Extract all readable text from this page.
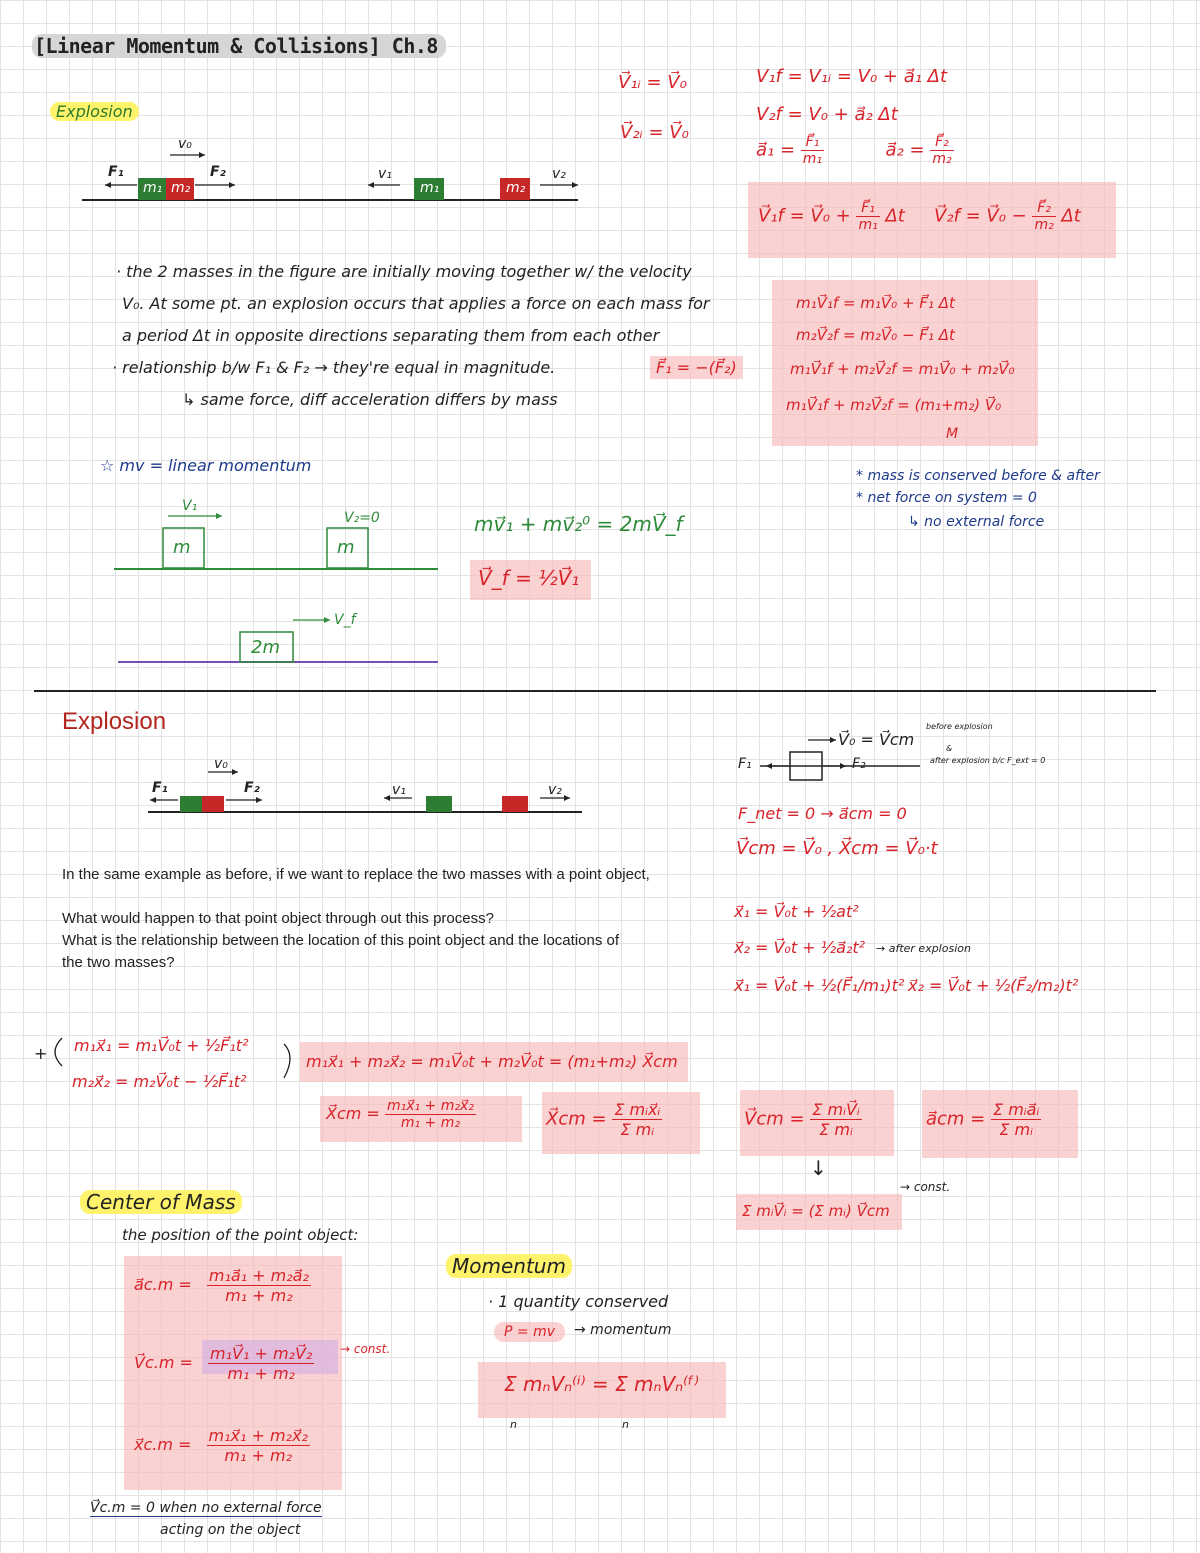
[Linear Momentum & Collisions] Ch.8
Explosion
v₀
F₁	F₂
m₁ m₂	m₁	m₂
v₁	v₂
· the 2 masses in the figure are initially moving together w/ the velocity
V₀. At some pt. an explosion occurs that applies a force on each mass for
a period Δt in opposite directions separating them from each other
· relationship b/w F₁ & F₂ → they're equal in magnitude.
↳ same force, diff acceleration differs by mass
F⃗₁ = −(F⃗₂)
V⃗₁ᵢ = V⃗₀
V⃗₂ᵢ = V⃗₀
V₁f = V₁ᵢ = V₀ + a⃗₁ Δt
V₂f = V₀ + a⃗₂ Δt
a⃗₁ = $\frac{\text{F⃗₁}}{\text{m₁}}$	a⃗₂ = $\frac{\text{F⃗₂}}{\text{m₂}}$
V⃗₁f = V⃗₀ + $\frac{\text{F⃗₁}}{\text{m₁}}$ Δt V⃗₂f = V⃗₀ − $\frac{\text{F⃗₂}}{\text{m₂}}$ Δt
m₁V⃗₁f = m₁V⃗₀ + F⃗₁ Δt
m₂V⃗₂f = m₂V⃗₀ − F⃗₁ Δt
m₁V⃗₁f + m₂V⃗₂f = m₁V⃗₀ + m₂V⃗₀
m₁V⃗₁f + m₂V⃗₂f = (m₁+m₂) V⃗₀
M
* mass is conserved before & after
* net force on system = 0
↳ no external force
☆ mv = linear momentum
V₁
V₂=0
m	m
V_f
2m
mv⃗₁ + mv⃗₂⁰ = 2mV⃗_f
V⃗_f = ½V⃗₁
Explosion
v₀
F₁	F₂	v₁	v₂
In the same example as before, if we want to replace the two masses with a point object,
What would happen to that point object through out this process?
What is the relationship between the location of this point object and the locations of the two masses?
V⃗₀ = V⃗cm
F₁	F₂
before explosion
&
after explosion b/c F_ext = 0
F_net = 0 → a⃗cm = 0
V⃗cm = V⃗₀ , X⃗cm = V⃗₀·t
x⃗₁ = V⃗₀t + ½at²
x⃗₂ = V⃗₀t + ½a⃗₂t² → after explosion
x⃗₁ = V⃗₀t + ½(F⃗₁/m₁)t² x⃗₂ = V⃗₀t + ½(F⃗₂/m₂)t²
+ m₁x⃗₁ = m₁V⃗₀t + ½F⃗₁t²
m₂x⃗₂ = m₂V⃗₀t − ½F⃗₁t²
m₁x⃗₁ + m₂x⃗₂ = m₁V⃗₀t + m₂V⃗₀t = (m₁+m₂) X⃗cm
X⃗cm = $\frac{\text{m₁x⃗₁ + m₂x⃗₂}}{\text{m₁ + m₂}}$	X⃗cm = $\frac{\text{Σ mᵢx⃗ᵢ}}{\text{Σ mᵢ}}$	V⃗cm = $\frac{\text{Σ mᵢV⃗ᵢ}}{\text{Σ mᵢ}}$	a⃗cm = $\frac{\text{Σ mᵢa⃗ᵢ}}{\text{Σ mᵢ}}$
↓
Σ mᵢV⃗ᵢ = (Σ mᵢ) V⃗cm
→ const.
Center of Mass
the position of the point object:
a⃗c.m = $\frac{\text{m₁a⃗₁ + m₂a⃗₂}}{\text{m₁ + m₂}}$
V⃗c.m = $\frac{\text{m₁V⃗₁ + m₂V⃗₂}}{\text{m₁ + m₂}}$
x⃗c.m = $\frac{\text{m₁x⃗₁ + m₂x⃗₂}}{\text{m₁ + m₂}}$
→ const.
V⃗c.m = 0 when no external force
acting on the object
Momentum
· 1 quantity conserved
P = mv	→ momentum
Σ mₙVₙ⁽ⁱ⁾ = Σ mₙVₙ⁽ᶠ⁾
n	n
